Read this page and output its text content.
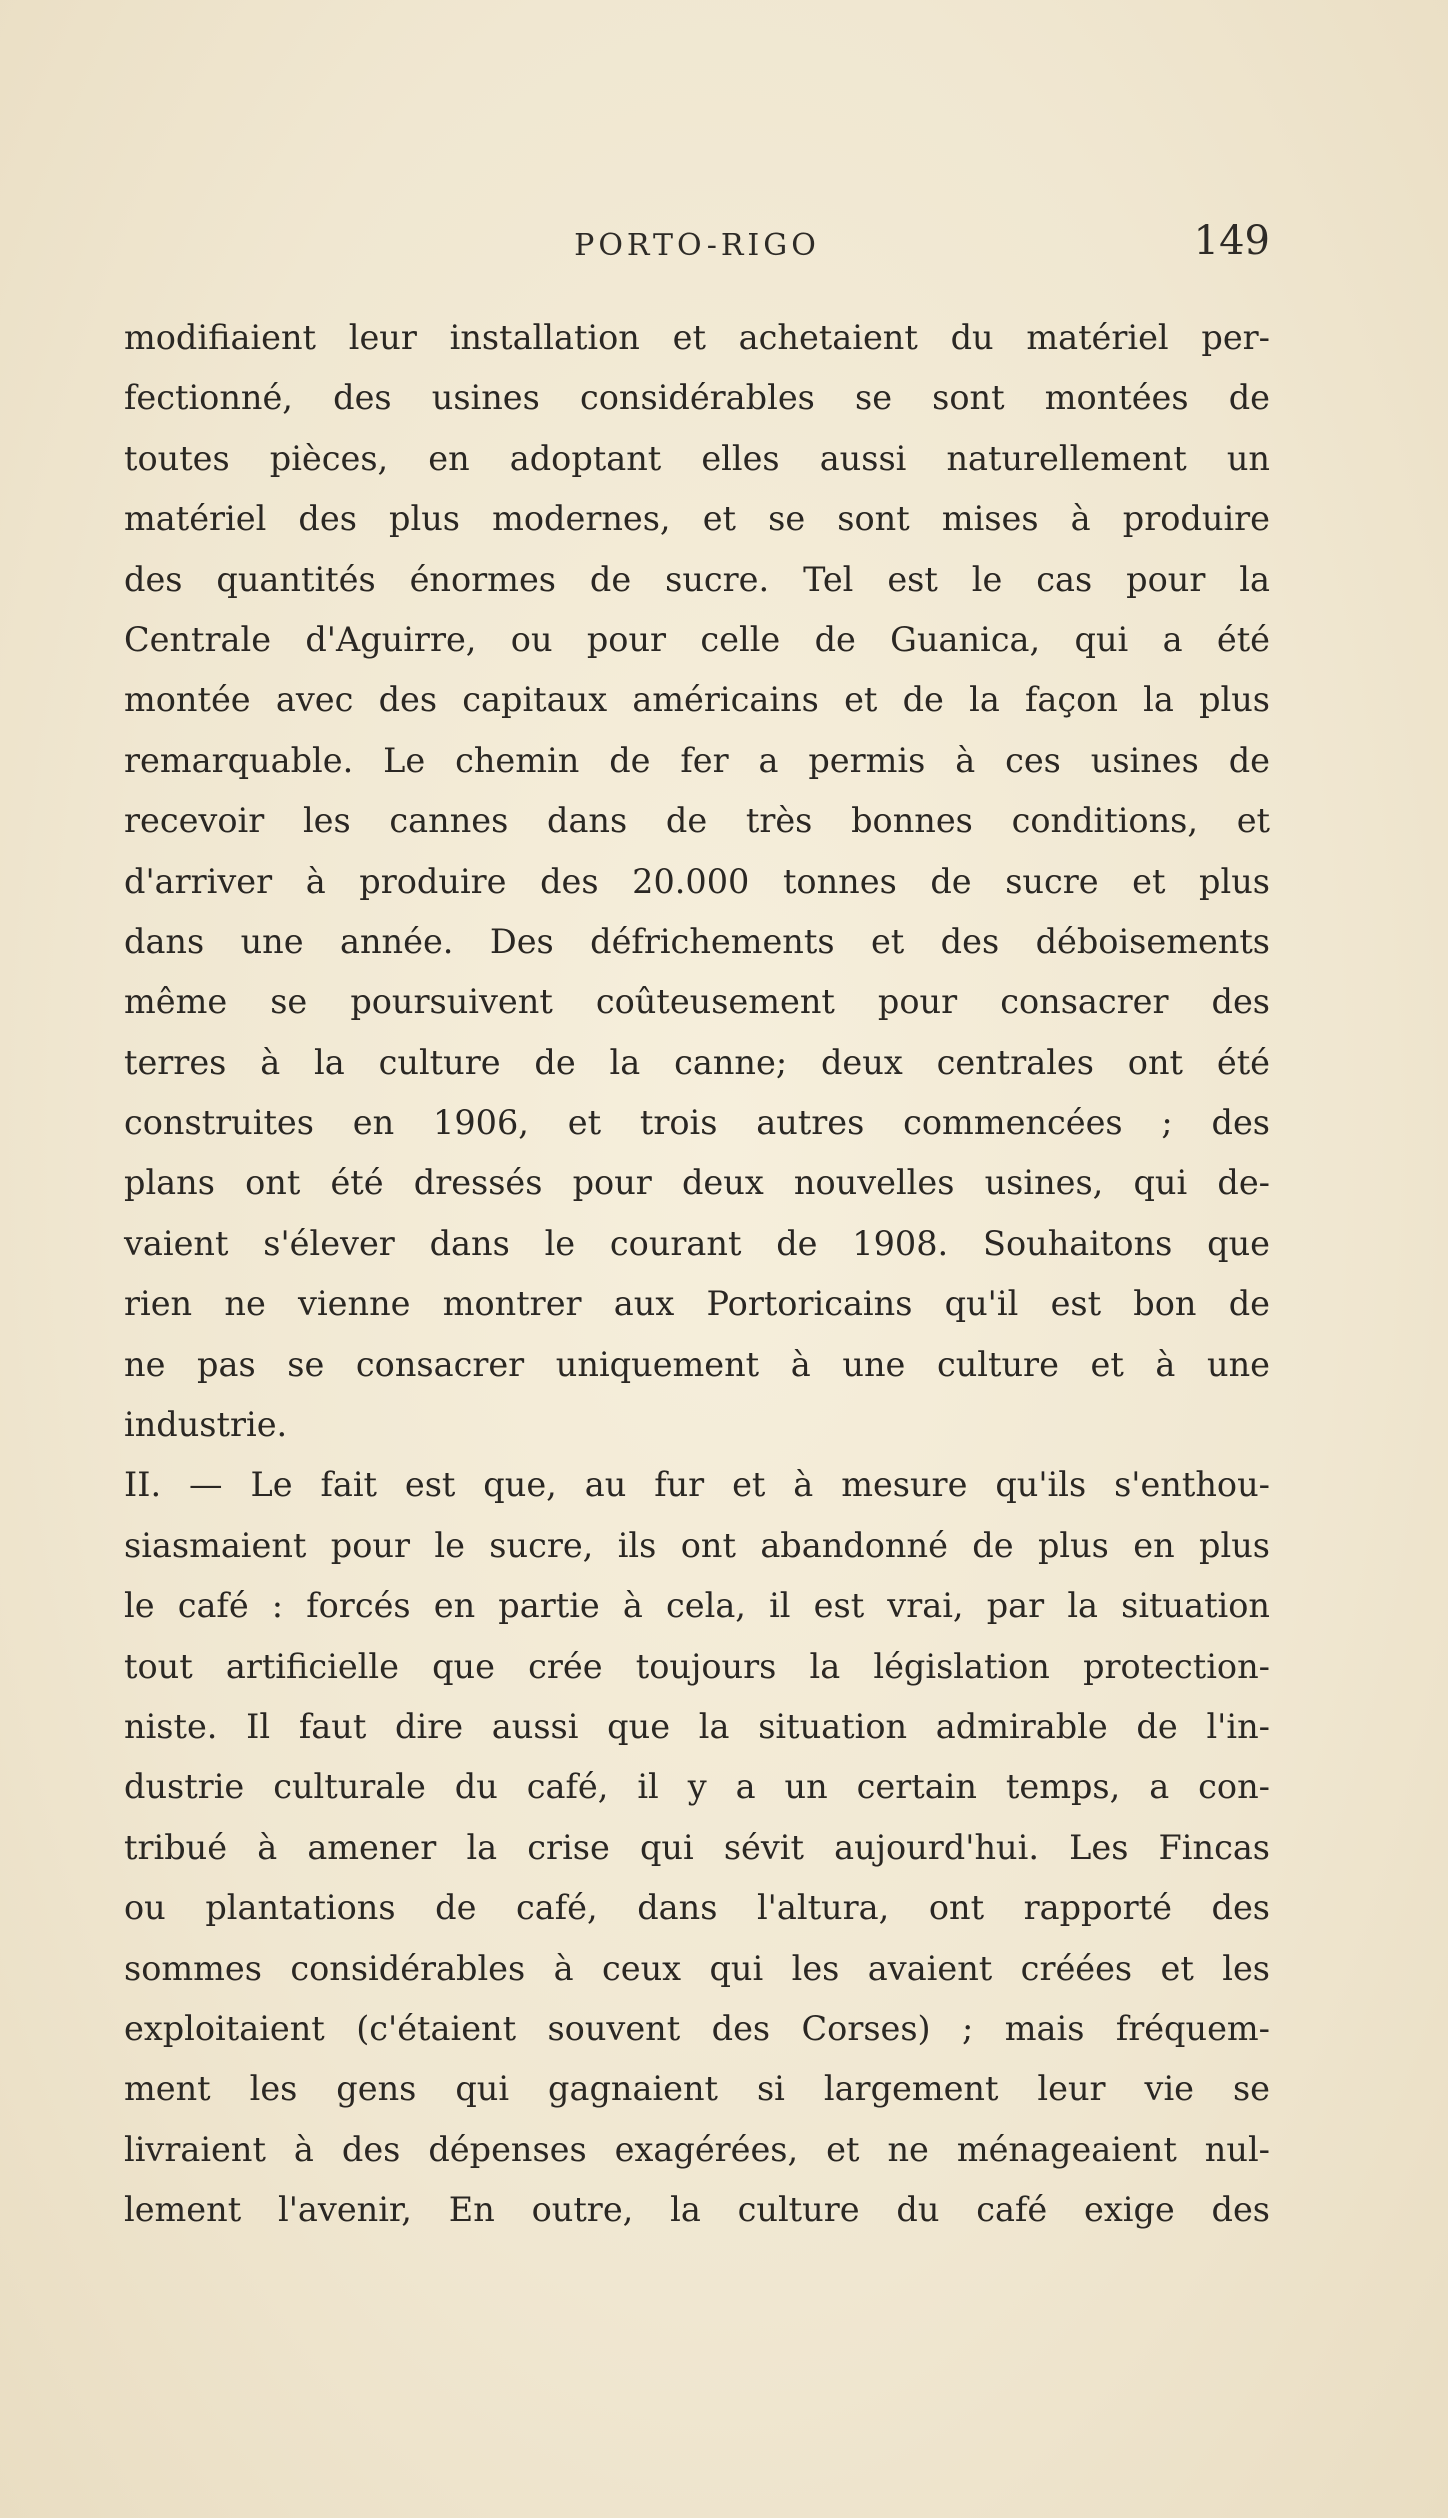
PORTO-RIGO	149
modifiaient leur installation et achetaient du matériel per-
fectionné, des usines considérables se sont montées de
toutes pièces, en adoptant elles aussi naturellement un
matériel des plus modernes, et se sont mises à produire
des quantités énormes de sucre. Tel est le cas pour la
Centrale d'Aguirre, ou pour celle de Guanica, qui a été
montée avec des capitaux américains et de la façon la plus
remarquable. Le chemin de fer a permis à ces usines de
recevoir les cannes dans de très bonnes conditions, et
d'arriver à produire des 20.000 tonnes de sucre et plus
dans une année. Des défrichements et des déboisements
même se poursuivent coûteusement pour consacrer des
terres à la culture de la canne; deux centrales ont été
construites en 1906, et trois autres commencées ; des
plans ont été dressés pour deux nouvelles usines, qui de-
vaient s'élever dans le courant de 1908. Souhaitons que
rien ne vienne montrer aux Portoricains qu'il est bon de
ne pas se consacrer uniquement à une culture et à une
industrie.
II. — Le fait est que, au fur et à mesure qu'ils s'enthou-
siasmaient pour le sucre, ils ont abandonné de plus en plus
le café : forcés en partie à cela, il est vrai, par la situation
tout artificielle que crée toujours la législation protection-
niste. Il faut dire aussi que la situation admirable de l'in-
dustrie culturale du café, il y a un certain temps, a con-
tribué à amener la crise qui sévit aujourd'hui. Les Fincas
ou plantations de café, dans l'altura, ont rapporté des
sommes considérables à ceux qui les avaient créées et les
exploitaient (c'étaient souvent des Corses) ; mais fréquem-
ment les gens qui gagnaient si largement leur vie se
livraient à des dépenses exagérées, et ne ménageaient nul-
lement l'avenir, En outre, la culture du café exige des
